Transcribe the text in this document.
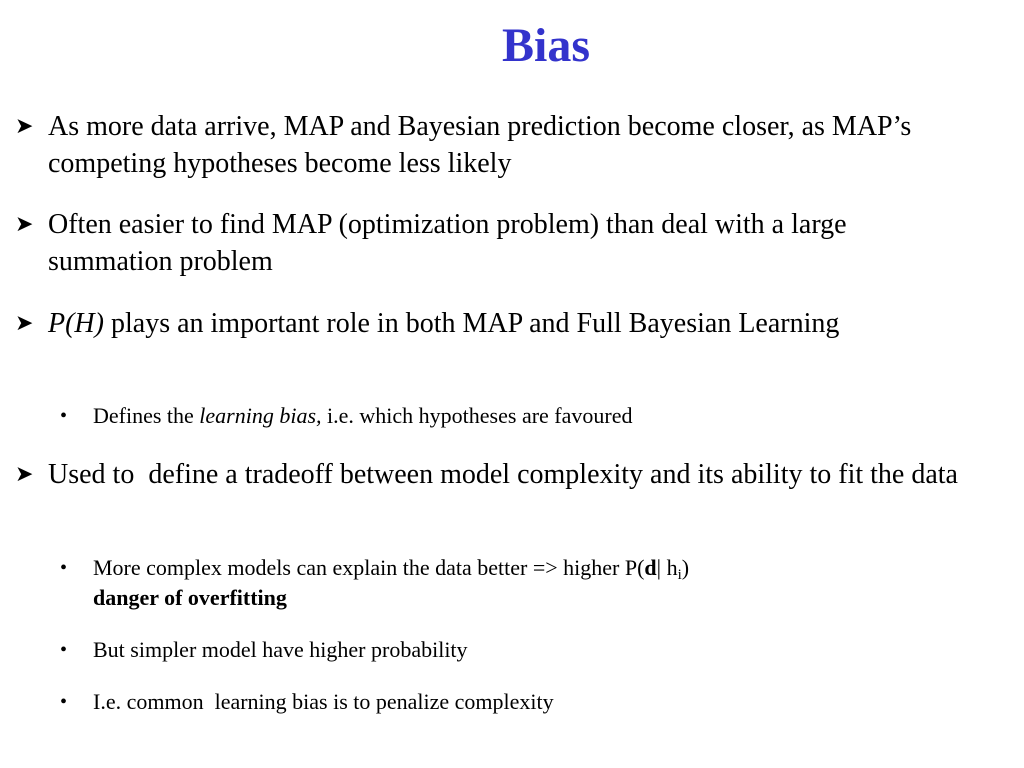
Bias
➤ As more data arrive, MAP and Bayesian prediction become closer, as MAP’s competing hypotheses become less likely
➤ Often easier to find MAP (optimization problem) than deal with a large summation problem
➤ P(H) plays an important role in both MAP and Full Bayesian Learning
•	Defines the learning bias, i.e. which hypotheses are favoured
➤ Used to  define a tradeoff between model complexity and its ability to fit the data
•	More complex models can explain the data better => higher P(d| $h_i$)
danger of overfitting
•	But simpler model have higher probability
•	I.e. common  learning bias is to penalize complexity
